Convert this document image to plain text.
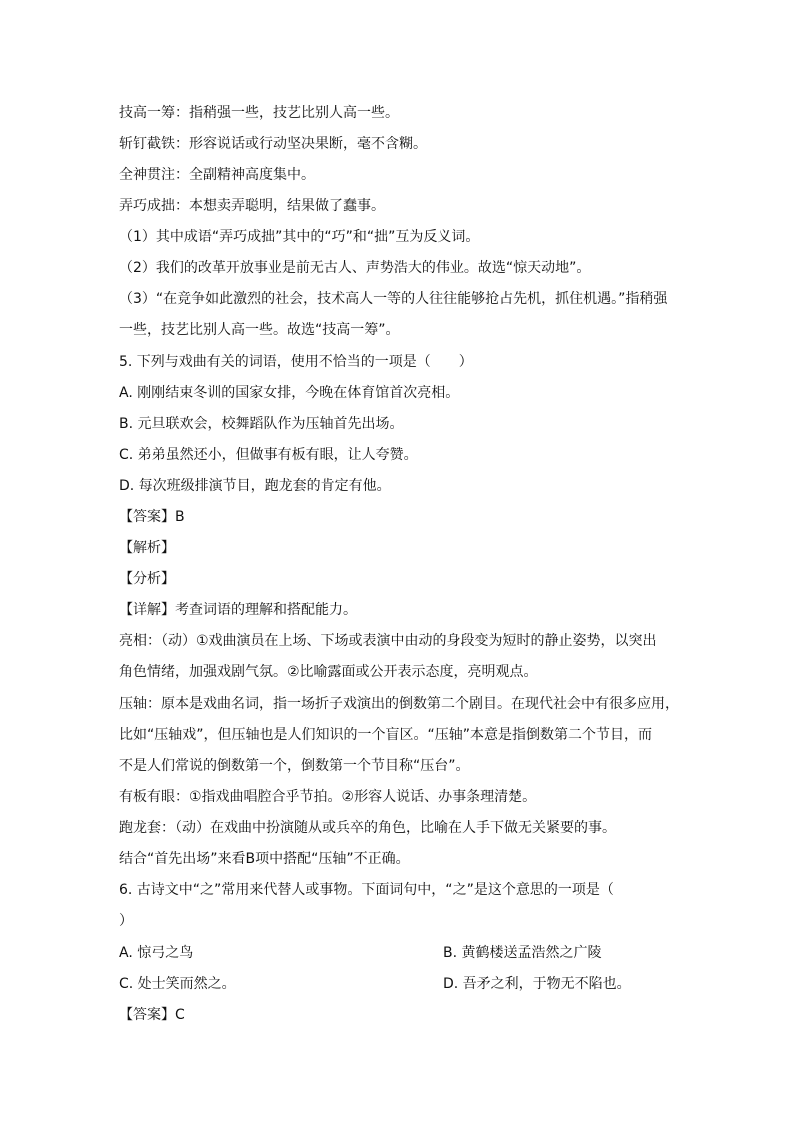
技高一筹：指稍强一些，技艺比别人高一些。
斩钉截铁：形容说话或行动坚决果断，毫不含糊。
全神贯注：全副精神高度集中。
弄巧成拙：本想卖弄聪明，结果做了蠢事。
（1）其中成语“弄巧成拙”其中的“巧”和“拙”互为反义词。
（2）我们的改革开放事业是前无古人、声势浩大的伟业。故选“惊天动地”。
（3）“在竞争如此激烈的社会，技术高人一等的人往往能够抢占先机，抓住机遇。”指稍强
一些，技艺比别人高一些。故选“技高一筹”。
5. 下列与戏曲有关的词语，使用不恰当的一项是（　　）
A. 刚刚结束冬训的国家女排，今晚在体育馆首次亮相。
B. 元旦联欢会，校舞蹈队作为压轴首先出场。
C. 弟弟虽然还小，但做事有板有眼，让人夸赞。
D. 每次班级排演节目，跑龙套的肯定有他。
【答案】B
【解析】
【分析】
【详解】考查词语的理解和搭配能力。
亮相：（动）①戏曲演员在上场、下场或表演中由动的身段变为短时的静止姿势，以突出
角色情绪，加强戏剧气氛。②比喻露面或公开表示态度，亮明观点。
压轴：原本是戏曲名词，指一场折子戏演出的倒数第二个剧目。在现代社会中有很多应用，
比如“压轴戏”，但压轴也是人们知识的一个盲区。“压轴”本意是指倒数第二个节目，而
不是人们常说的倒数第一个，倒数第一个节目称“压台”。
有板有眼：①指戏曲唱腔合乎节拍。②形容人说话、办事条理清楚。
跑龙套：（动）在戏曲中扮演随从或兵卒的角色，比喻在人手下做无关紧要的事。
结合“首先出场”来看B项中搭配“压轴”不正确。
6. 古诗文中“之”常用来代替人或事物。下面词句中，“之”是这个意思的一项是（
）
A. 惊弓之鸟	B. 黄鹤楼送孟浩然之广陵
C. 处士笑而然之。	D. 吾矛之利，于物无不陷也。
【答案】C
